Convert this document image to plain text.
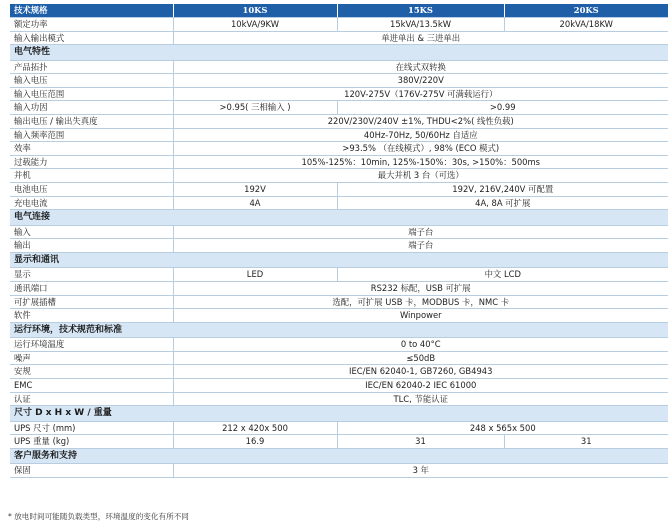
技术规格	10KS	15KS	20KS
额定功率	10kVA/9KW	15kVA/13.5kW	20kVA/18KW
输入输出模式	单进单出 & 三进单出		
电气特性			
产品拓扑	在线式双转换		
输入电压	380V/220V		
输入电压范围	120V-275V（176V-275V 可满载运行）		
输入功因	>0.95( 三相输入 )	>0.99	
输出电压 / 输出失真度	220V/230V/240V ±1%, THDU<2%( 线性负载)		
输入频率范围	40Hz-70Hz, 50/60Hz 自适应		
效率	>93.5% （在线模式）, 98% (ECO 模式)		
过载能力	105%-125%：10min, 125%-150%：30s, >150%：500ms		
并机	最大并机 3 台（可选）		
电池电压	192V	192V, 216V,240V 可配置	
充电电流	4A	4A, 8A 可扩展	
电气连接			
输入	端子台		
输出	端子台		
显示和通讯			
显示	LED	中文 LCD	
通讯端口	RS232 标配，USB 可扩展		
可扩展插槽	选配，可扩展 USB 卡，MODBUS 卡，NMC 卡		
软件	Winpower		
运行环境，技术规范和标准			
运行环境温度	0 to 40°C		
噪声	≤50dB		
安规	IEC/EN 62040-1, GB7260, GB4943		
EMC	IEC/EN 62040-2 IEC 61000		
认证	TLC, 节能认证		
尺寸 D x H x W / 重量			
UPS 尺寸 (mm)	212 x 420x 500	248 x 565x 500	
UPS 重量 (kg)	16.9	31	31
客户服务和支持			
保固	3 年		
* 放电时间可能随负载类型，环境温度的变化有所不同
